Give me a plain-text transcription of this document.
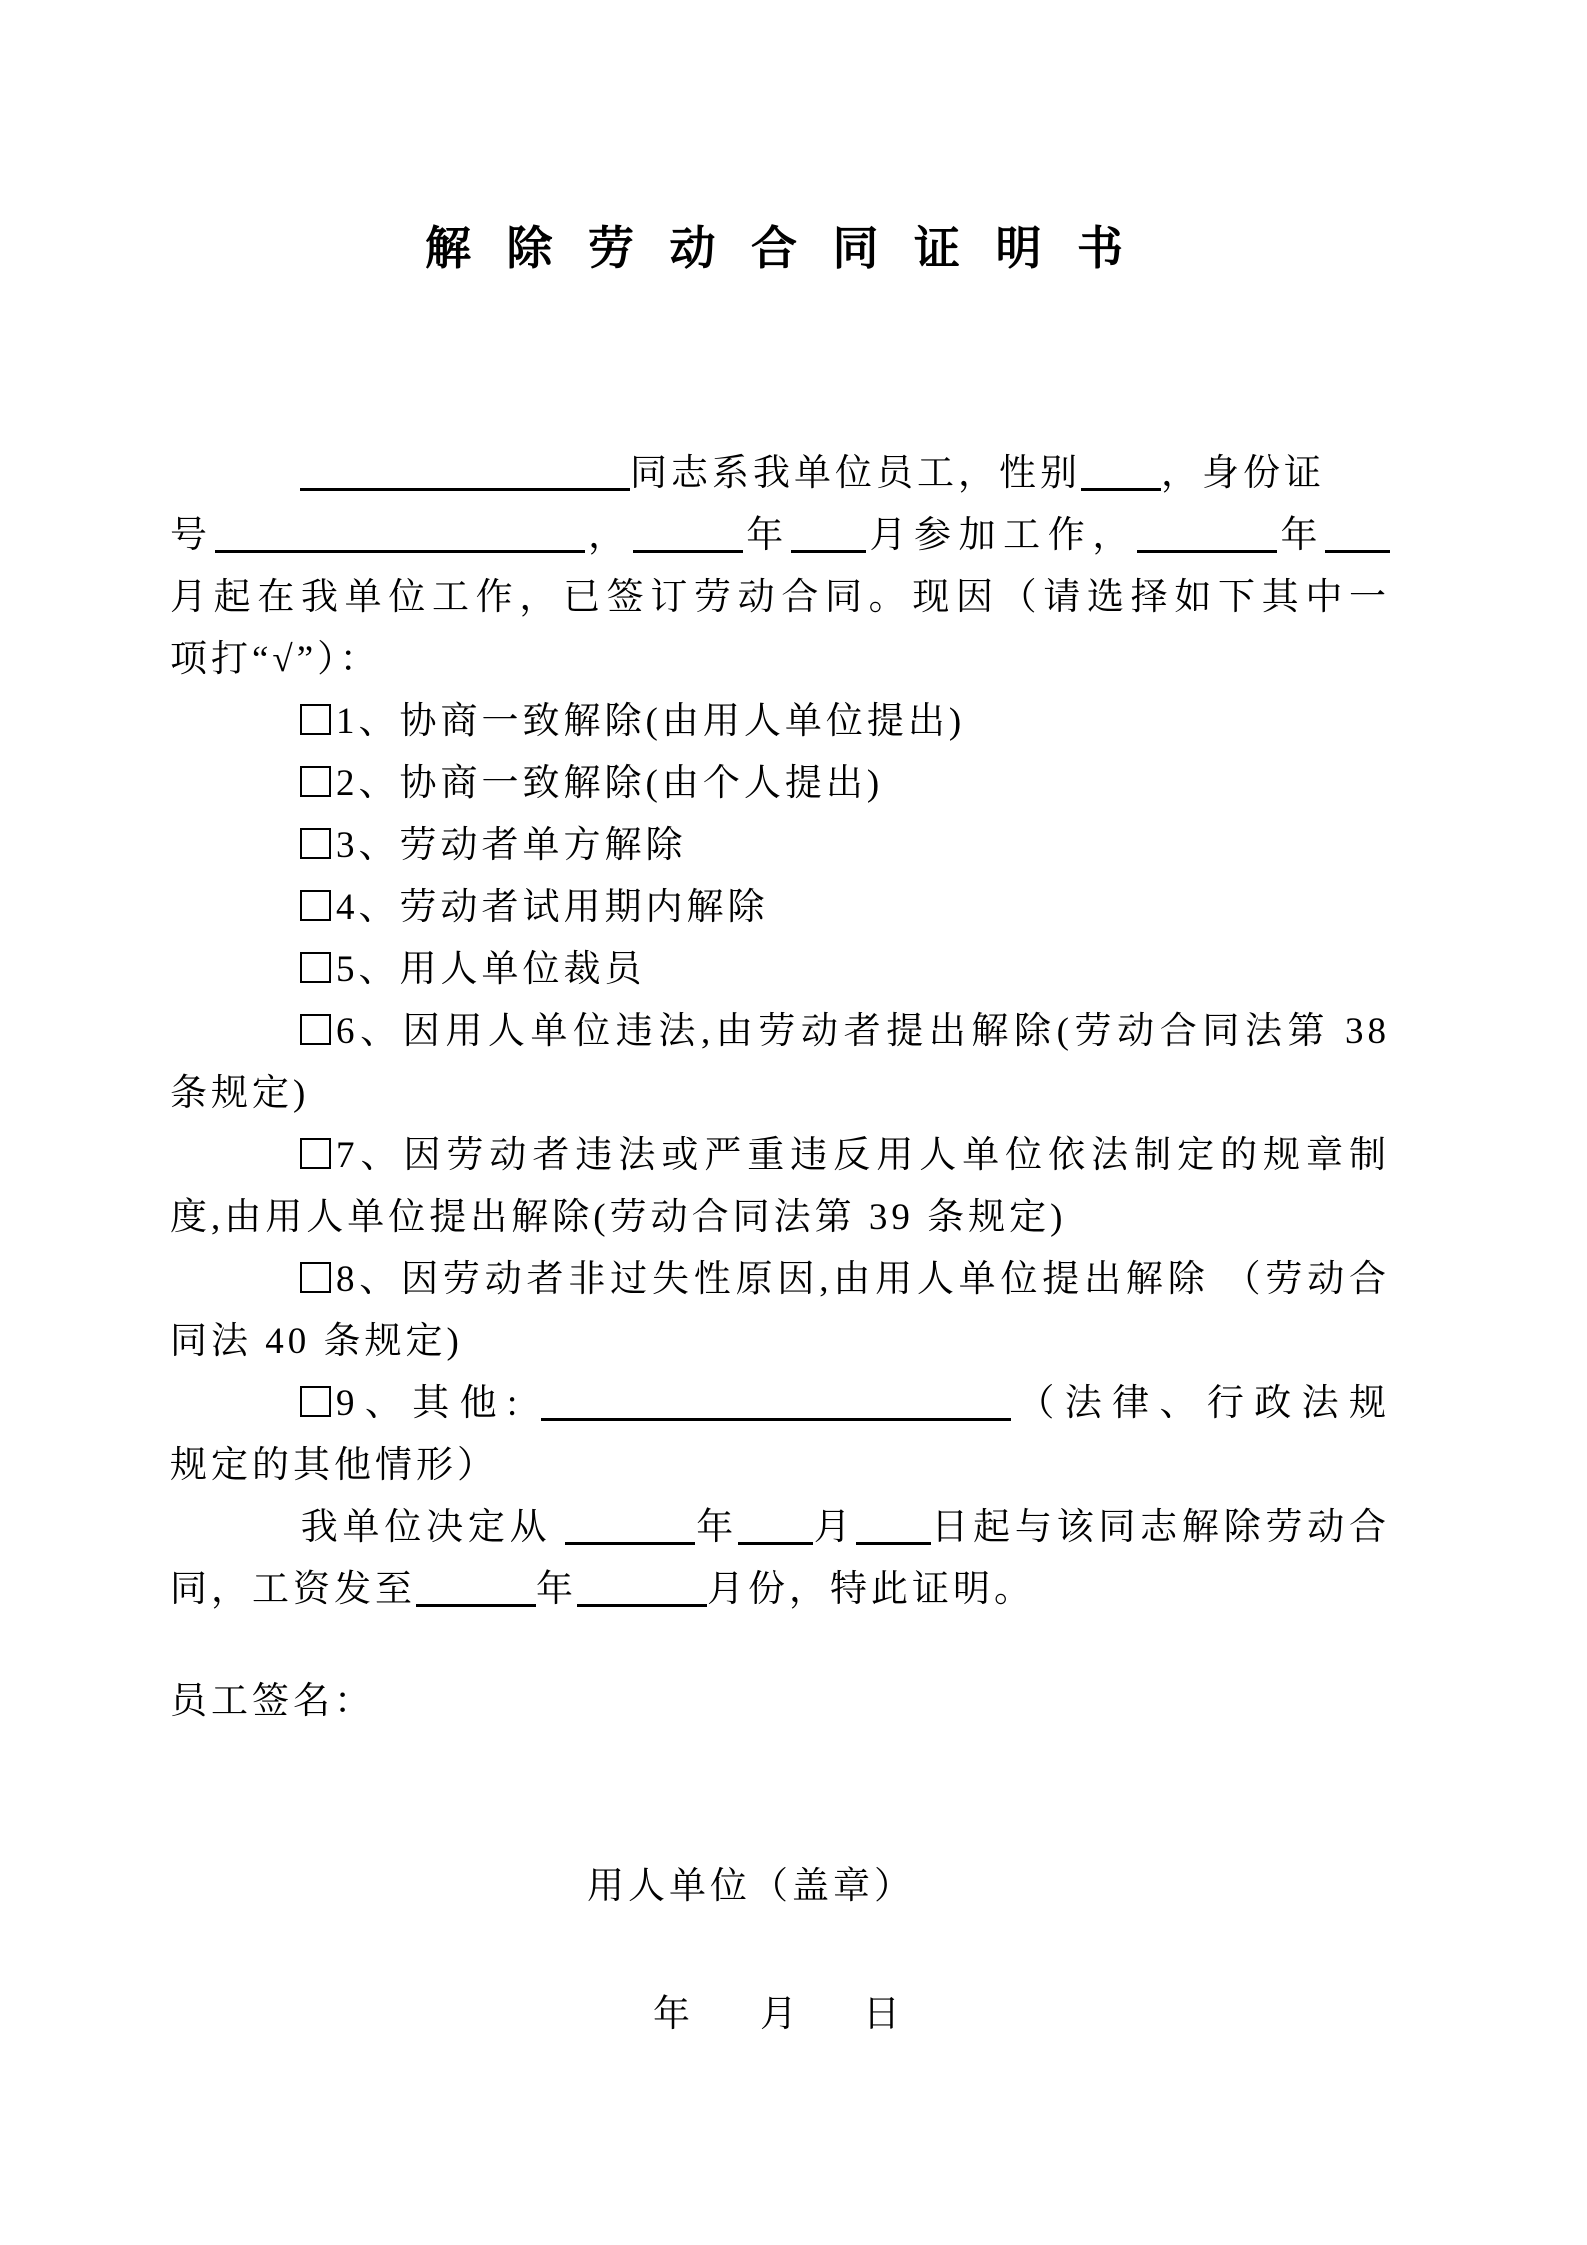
解 除 劳 动 合 同 证 明 书
同志系我单位员工，性别 ，身份证
号	，	年 月参加工作，	年
月起在我单位工作，已签订劳动合同。现因（请选择如下其中一
项打“√”）：
1、协商一致解除(由用人单位提出)
2、协商一致解除(由个人提出)
3、劳动者单方解除
4、劳动者试用期内解除
5、用人单位裁员
6、因用人单位违法,由劳动者提出解除(劳动合同法第 38
条规定)
7、因劳动者违法或严重违反用人单位依法制定的规章制
度,由用人单位提出解除(劳动合同法第 39 条规定)
8、因劳动者非过失性原因,由用人单位提出解除 （劳动合
同法 40 条规定)
9、其他:	（法律、行政法规
规定的其他情形）
我单位决定从	年 月 日起与该同志解除劳动合
同，工资发至	年	月份，特此证明。
员工签名：
用人单位（盖章）
年 月 日
